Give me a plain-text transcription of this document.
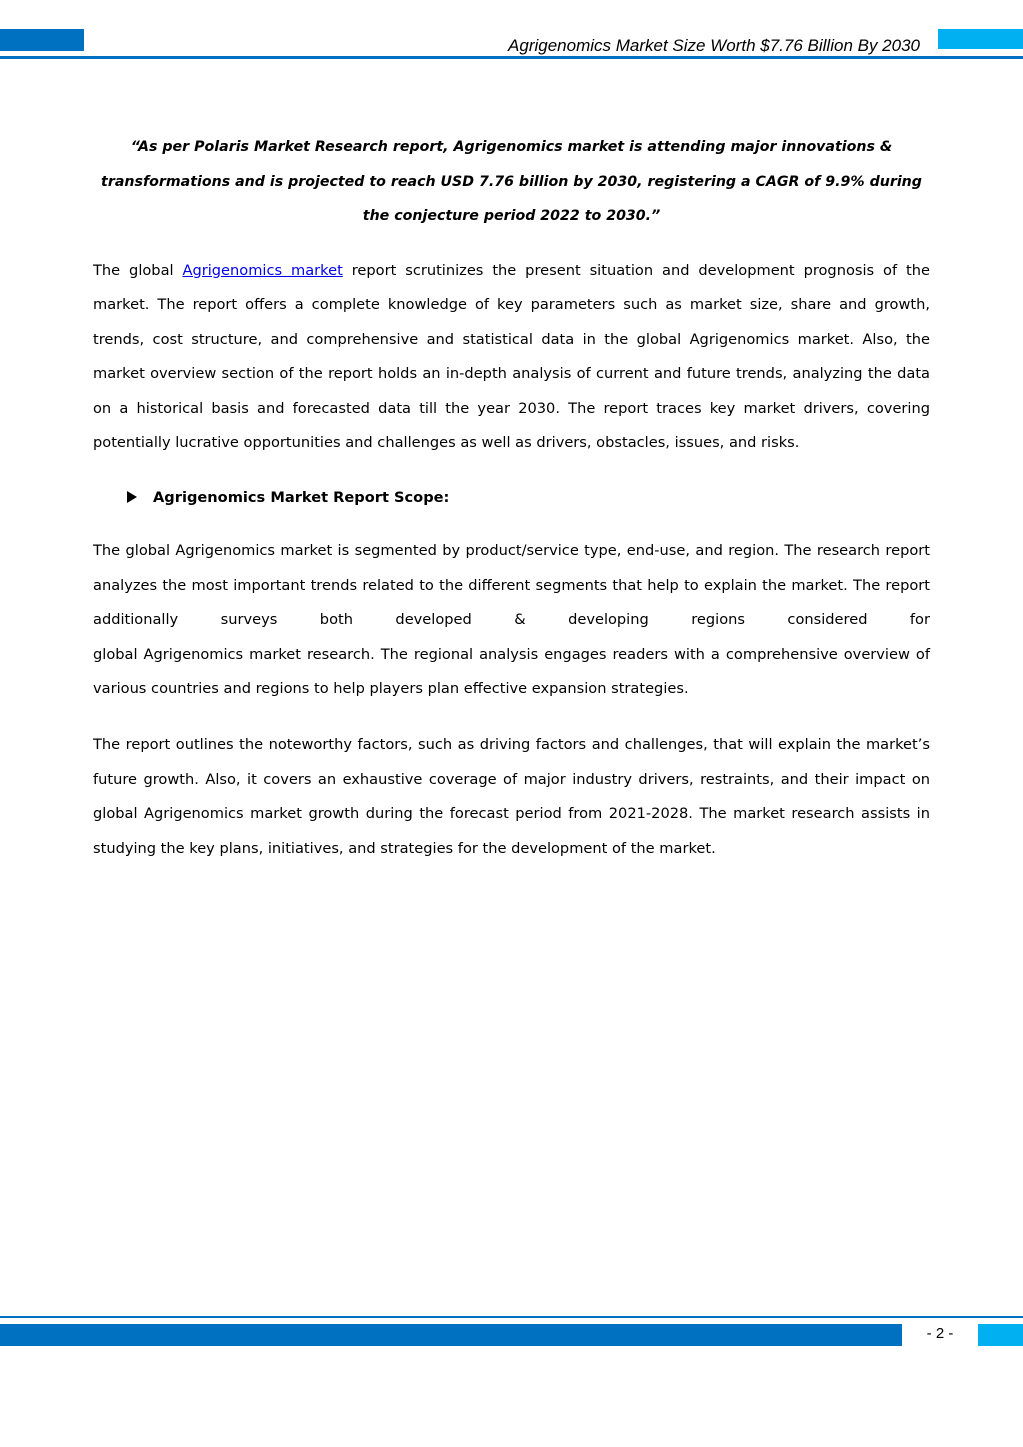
Agrigenomics Market Size Worth $7.76 Billion By 2030

“As per Polaris Market Research report, Agrigenomics market is attending major innovations & transformations and is projected to reach USD 7.76 billion by 2030, registering a CAGR of 9.9% during the conjecture period 2022 to 2030.”

The global Agrigenomics market report scrutinizes the present situation and development prognosis of the market. The report offers a complete knowledge of key parameters such as market size, share and growth, trends, cost structure, and comprehensive and statistical data in the global Agrigenomics market. Also, the market overview section of the report holds an in-depth analysis of current and future trends, analyzing the data on a historical basis and forecasted data till the year 2030. The report traces key market drivers, covering potentially lucrative opportunities and challenges as well as drivers, obstacles, issues, and risks.

Agrigenomics Market Report Scope:

The global Agrigenomics market is segmented by product/service type, end-use, and region. The research report analyzes the most important trends related to the different segments that help to explain the market. The report additionally surveys both developed & developing regions considered for
global Agrigenomics market research. The regional analysis engages readers with a comprehensive overview of various countries and regions to help players plan effective expansion strategies.

The report outlines the noteworthy factors, such as driving factors and challenges, that will explain the market’s future growth. Also, it covers an exhaustive coverage of major industry drivers, restraints, and their impact on global Agrigenomics market growth during the forecast period from 2021-2028. The market research assists in studying the key plans, initiatives, and strategies for the development of the market.

- 2 -
